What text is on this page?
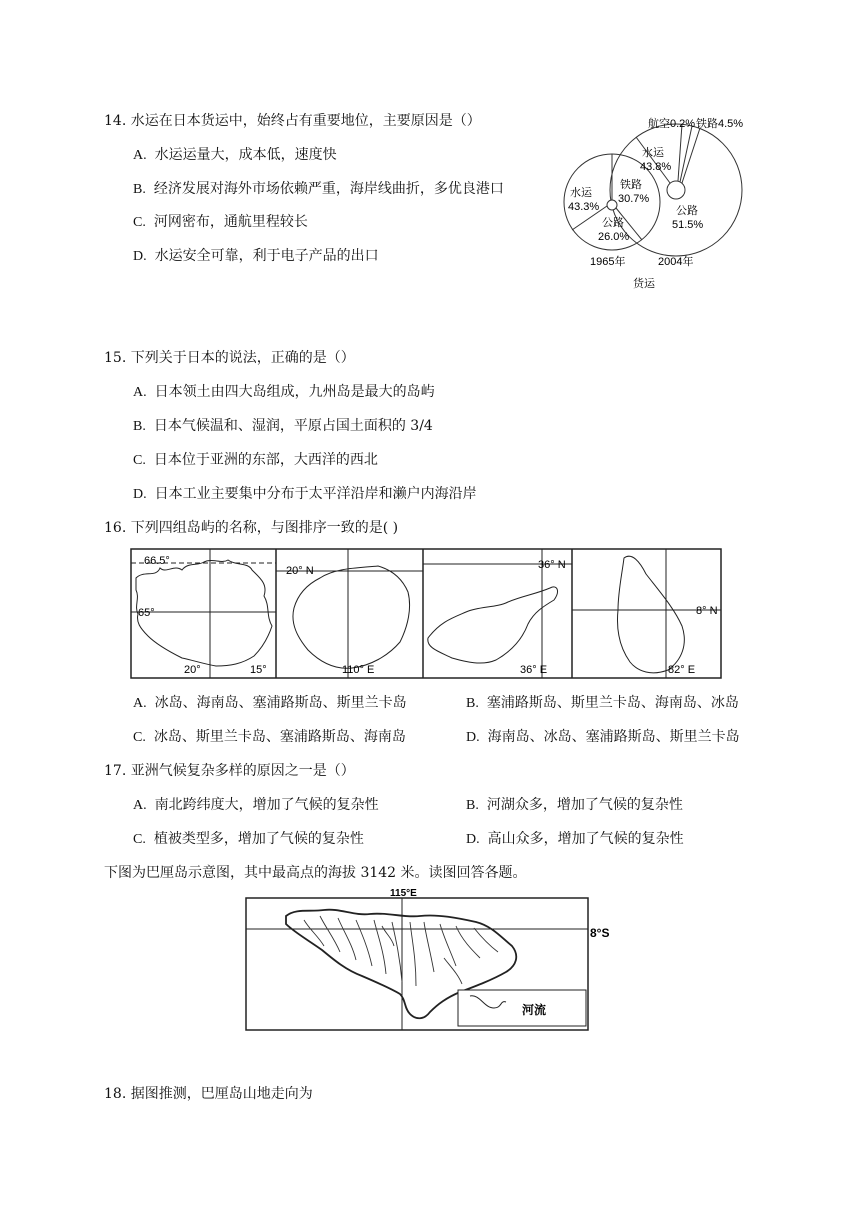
14. 水运在日本货运中，始终占有重要地位，主要原因是（）
A. 水运运量大，成本低，速度快
B. 经济发展对海外市场依赖严重，海岸线曲折，多优良港口
C. 河网密布，通航里程较长
D. 水运安全可靠，利于电子产品的出口
航空0.2% 铁路4.5%
水运 43.8%
公路 51.5%
水运 43.3%
铁路 30.7%
公路 26.0%
1965年	2004年
货运
15. 下列关于日本的说法，正确的是（）
A. 日本领土由四大岛组成，九州岛是最大的岛屿
B. 日本气候温和、湿润，平原占国土面积的 3/4
C. 日本位于亚洲的东部，大西洋的西北
D. 日本工业主要集中分布于太平洋沿岸和濑户内海沿岸
16. 下列四组岛屿的名称，与图排序一致的是( )
66.5°
65°
20°	15°
20° N
110° E
36° N
36° E
8° N
82° E
A. 冰岛、海南岛、塞浦路斯岛、斯里兰卡岛	B. 塞浦路斯岛、斯里兰卡岛、海南岛、冰岛
C. 冰岛、斯里兰卡岛、塞浦路斯岛、海南岛	D. 海南岛、冰岛、塞浦路斯岛、斯里兰卡岛
17. 亚洲气候复杂多样的原因之一是（）
A. 南北跨纬度大，增加了气候的复杂性	B. 河湖众多，增加了气候的复杂性
C. 植被类型多，增加了气候的复杂性	D. 高山众多，增加了气候的复杂性
下图为巴厘岛示意图，其中最高点的海拔 3142 米。读图回答各题。
115°E
8°S
河流
18. 据图推测，巴厘岛山地走向为
